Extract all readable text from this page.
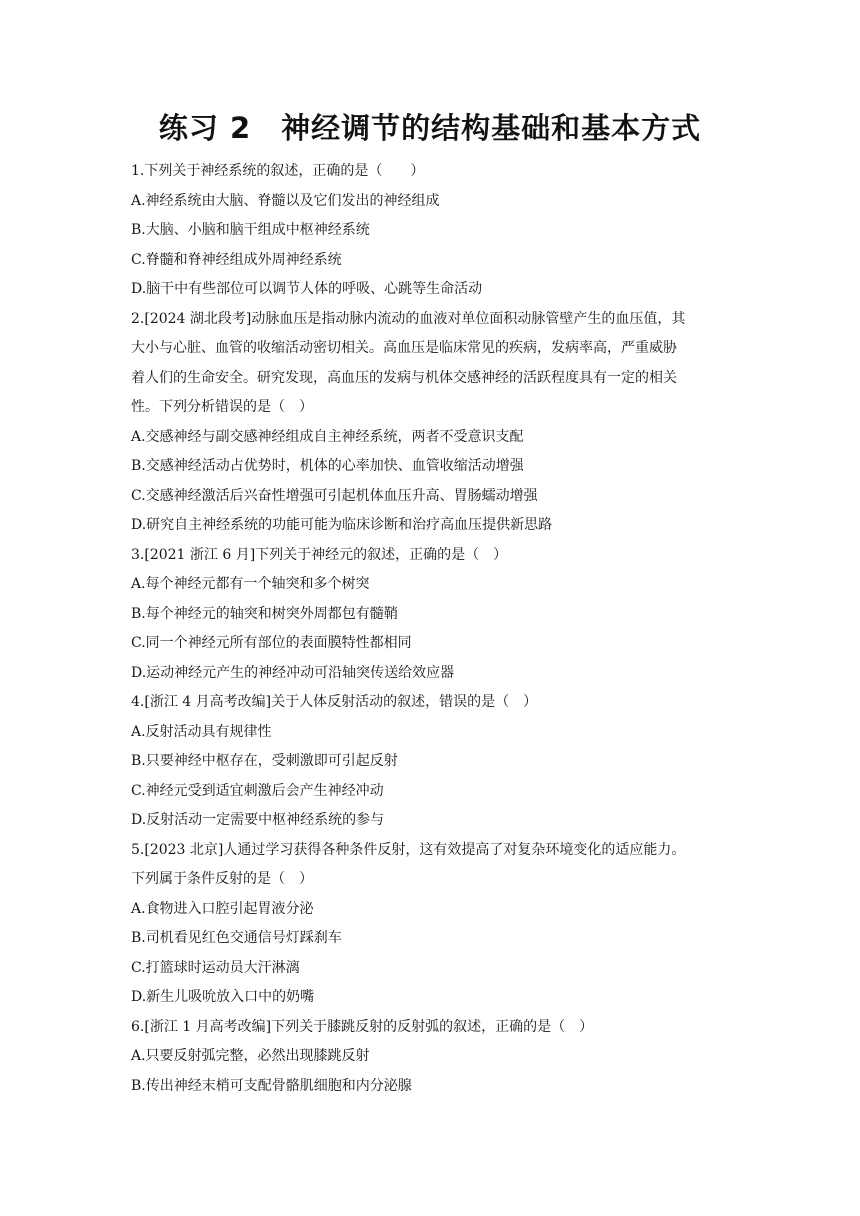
练习 2　神经调节的结构基础和基本方式
1.下列关于神经系统的叙述，正确的是（　　）
A.神经系统由大脑、脊髓以及它们发出的神经组成
B.大脑、小脑和脑干组成中枢神经系统
C.脊髓和脊神经组成外周神经系统
D.脑干中有些部位可以调节人体的呼吸、心跳等生命活动
2.[2024 湖北段考]动脉血压是指动脉内流动的血液对单位面积动脉管壁产生的血压值，其
大小与心脏、血管的收缩活动密切相关。高血压是临床常见的疾病，发病率高，严重威胁
着人们的生命安全。研究发现，高血压的发病与机体交感神经的活跃程度具有一定的相关
性。下列分析错误的是（　）
A.交感神经与副交感神经组成自主神经系统，两者不受意识支配
B.交感神经活动占优势时，机体的心率加快、血管收缩活动增强
C.交感神经激活后兴奋性增强可引起机体血压升高、胃肠蠕动增强
D.研究自主神经系统的功能可能为临床诊断和治疗高血压提供新思路
3.[2021 浙江 6 月]下列关于神经元的叙述，正确的是（　）
A.每个神经元都有一个轴突和多个树突
B.每个神经元的轴突和树突外周都包有髓鞘
C.同一个神经元所有部位的表面膜特性都相同
D.运动神经元产生的神经冲动可沿轴突传送给效应器
4.[浙江 4 月高考改编]关于人体反射活动的叙述，错误的是（　）
A.反射活动具有规律性
B.只要神经中枢存在，受刺激即可引起反射
C.神经元受到适宜刺激后会产生神经冲动
D.反射活动一定需要中枢神经系统的参与
5.[2023 北京]人通过学习获得各种条件反射，这有效提高了对复杂环境变化的适应能力。
下列属于条件反射的是（　）
A.食物进入口腔引起胃液分泌
B.司机看见红色交通信号灯踩刹车
C.打篮球时运动员大汗淋漓
D.新生儿吸吮放入口中的奶嘴
6.[浙江 1 月高考改编]下列关于膝跳反射的反射弧的叙述，正确的是（　）
A.只要反射弧完整，必然出现膝跳反射
B.传出神经末梢可支配骨骼肌细胞和内分泌腺
